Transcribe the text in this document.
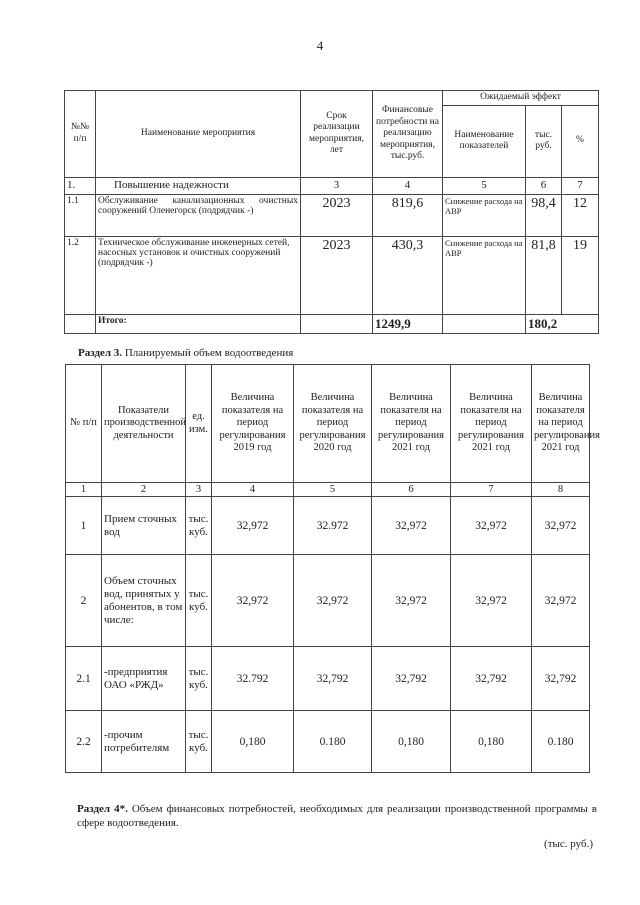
4
№№ п/п	Наименование мероприятия	Срок реализации мероприятия, лет	Финансовые потребности на реализацию мероприятия, тыс.руб.	Ожидаемый эффект		
				Наименование показателей	тыс. руб.	%
1.	Повышение надежности	3	4	5	6	7
1.1	Обслуживание канализационных очистных сооружений Оленегорск (подрядчик -)	2023	819,6	Снижение расхода на АВР	98,4	12
1.2	Техническое обслуживание инженерных сетей, насосных установок и очистных сооружений (подрядчик -)	2023	430,3	Снижение расхода на АВР	81,8	19
	Итого:		1249,9		180,2	
Раздел 3. Планируемый объем водоотведения
№ п/п	Показатели производственной деятельности	ед. изм.	Величина показателя на период регулирования 2019 год	Величина показателя на период регулирования 2020 год	Величина показателя на период регулирования 2021 год	Величина показателя на период регулирования 2021 год	Величина показателя на период регулирования 2021 год
1	2	3	4	5	6	7	8
1	Прием сточных вод	тыс. куб.	32,972	32.972	32,972	32,972	32,972
2	Объем сточных вод, принятых у абонентов, в том числе:	тыс. куб.	32,972	32,972	32,972	32,972	32,972
2.1	-предприятия ОАО «РЖД»	тыс. куб.	32.792	32,792	32,792	32,792	32,792
2.2	-прочим потребителям	тыс. куб.	0,180	0.180	0,180	0,180	0.180
Раздел 4*. Объем финансовых потребностей, необходимых для реализации производственной программы в сфере водоотведения.
(тыс. руб.)
